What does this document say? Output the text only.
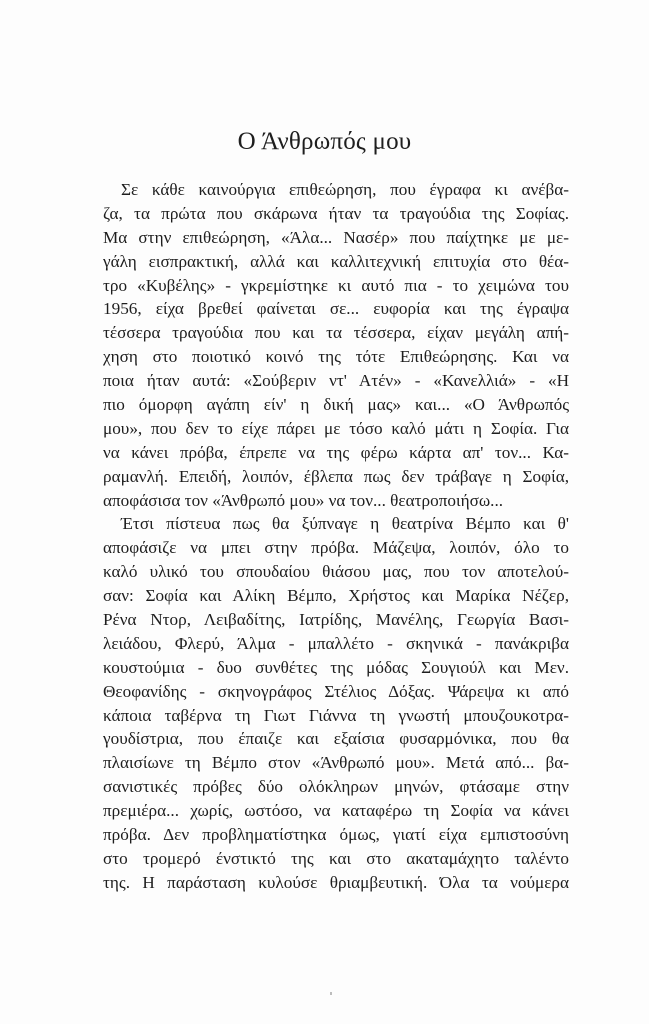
Ο Άνθρωπός μου
Σε κάθε καινούργια επιθεώρηση, που έγραφα κι ανέβα-
ζα, τα πρώτα που σκάρωνα ήταν τα τραγούδια της Σοφίας.
Μα στην επιθεώρηση, «Άλα... Νασέρ» που παίχτηκε με με-
γάλη εισπρακτική, αλλά και καλλιτεχνική επιτυχία στο θέα-
τρο «Κυβέλης» - γκρεμίστηκε κι αυτό πια - το χειμώνα του
1956, είχα βρεθεί φαίνεται σε... ευφορία και της έγραψα
τέσσερα τραγούδια που και τα τέσσερα, είχαν μεγάλη απή-
χηση στο ποιοτικό κοινό της τότε Επιθεώρησης. Και να
ποια ήταν αυτά: «Σούβεριν ντ' Ατέν» - «Κανελλιά» - «Η
πιο όμορφη αγάπη είν' η δική μας» και... «Ο Άνθρωπός
μου», που δεν το είχε πάρει με τόσο καλό μάτι η Σοφία. Για
να κάνει πρόβα, έπρεπε να της φέρω κάρτα απ' τον... Κα-
ραμανλή. Επειδή, λοιπόν, έβλεπα πως δεν τράβαγε η Σοφία,
αποφάσισα τον «Άνθρωπό μου» να τον... θεατροποιήσω...
Έτσι πίστευα πως θα ξύπναγε η θεατρίνα Βέμπο και θ'
αποφάσιζε να μπει στην πρόβα. Μάζεψα, λοιπόν, όλο το
καλό υλικό του σπουδαίου θιάσου μας, που τον αποτελού-
σαν: Σοφία και Αλίκη Βέμπο, Χρήστος και Μαρίκα Νέζερ,
Ρένα Ντορ, Λειβαδίτης, Ιατρίδης, Μανέλης, Γεωργία Βασι-
λειάδου, Φλερύ, Άλμα - μπαλλέτο - σκηνικά - πανάκριβα
κουστούμια - δυο συνθέτες της μόδας Σουγιούλ και Μεν.
Θεοφανίδης - σκηνογράφος Στέλιος Δόξας. Ψάρεψα κι από
κάποια ταβέρνα τη Γιωτ Γιάννα τη γνωστή μπουζουκοτρα-
γουδίστρια, που έπαιζε και εξαίσια φυσαρμόνικα, που θα
πλαισίωνε τη Βέμπο στον «Άνθρωπό μου». Μετά από... βα-
σανιστικές πρόβες δύο ολόκληρων μηνών, φτάσαμε στην
πρεμιέρα... χωρίς, ωστόσο, να καταφέρω τη Σοφία να κάνει
πρόβα. Δεν προβληματίστηκα όμως, γιατί είχα εμπιστοσύνη
στο τρομερό ένστικτό της και στο ακαταμάχητο ταλέντο
της. Η παράσταση κυλούσε θριαμβευτική. Όλα τα νούμερα
